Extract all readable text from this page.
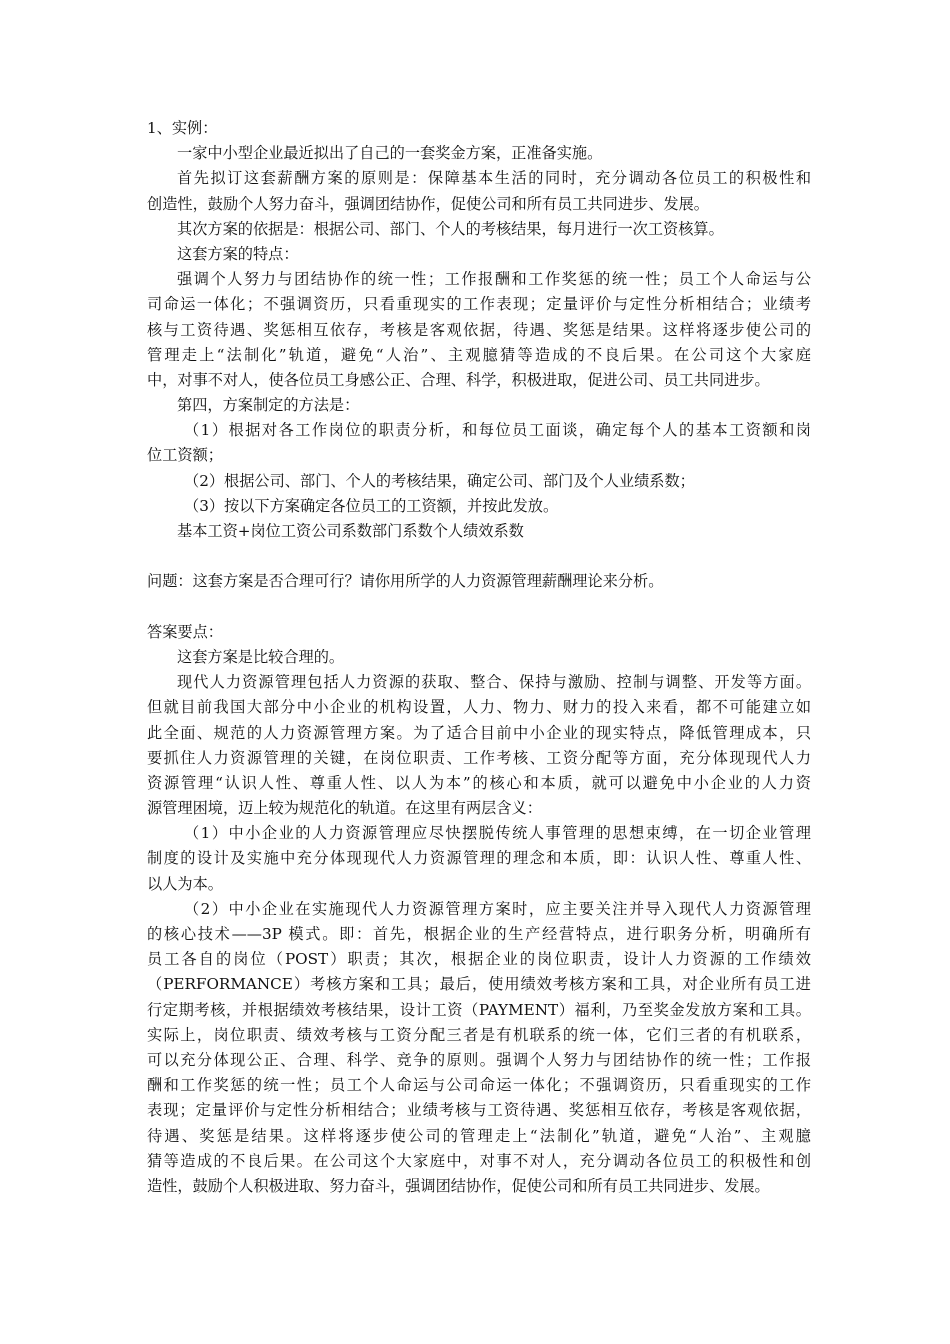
1、实例：
一家中小型企业最近拟出了自己的一套奖金方案，正准备实施。
首先拟订这套薪酬方案的原则是：保障基本生活的同时，充分调动各位员工的积极性和
创造性，鼓励个人努力奋斗，强调团结协作，促使公司和所有员工共同进步、发展。
其次方案的依据是：根据公司、部门、个人的考核结果，每月进行一次工资核算。
这套方案的特点：
强调个人努力与团结协作的统一性；工作报酬和工作奖惩的统一性；员工个人命运与公
司命运一体化；不强调资历，只看重现实的工作表现；定量评价与定性分析相结合；业绩考
核与工资待遇、奖惩相互依存，考核是客观依据，待遇、奖惩是结果。这样将逐步使公司的
管理走上“法制化”轨道，避免“人治”、主观臆猜等造成的不良后果。在公司这个大家庭
中，对事不对人，使各位员工身感公正、合理、科学，积极进取，促进公司、员工共同进步。
第四，方案制定的方法是：
（1）根据对各工作岗位的职责分析，和每位员工面谈，确定每个人的基本工资额和岗
位工资额；
（2）根据公司、部门、个人的考核结果，确定公司、部门及个人业绩系数；
（3）按以下方案确定各位员工的工资额，并按此发放。
基本工资+岗位工资公司系数部门系数个人绩效系数
问题：这套方案是否合理可行？请你用所学的人力资源管理薪酬理论来分析。
答案要点：
这套方案是比较合理的。
现代人力资源管理包括人力资源的获取、整合、保持与激励、控制与调整、开发等方面。
但就目前我国大部分中小企业的机构设置，人力、物力、财力的投入来看，都不可能建立如
此全面、规范的人力资源管理方案。为了适合目前中小企业的现实特点，降低管理成本，只
要抓住人力资源管理的关键，在岗位职责、工作考核、工资分配等方面，充分体现现代人力
资源管理“认识人性、尊重人性、以人为本”的核心和本质，就可以避免中小企业的人力资
源管理困境，迈上较为规范化的轨道。在这里有两层含义：
（1）中小企业的人力资源管理应尽快摆脱传统人事管理的思想束缚，在一切企业管理
制度的设计及实施中充分体现现代人力资源管理的理念和本质，即：认识人性、尊重人性、
以人为本。
（2）中小企业在实施现代人力资源管理方案时，应主要关注并导入现代人力资源管理
的核心技术——3P 模式。即：首先，根据企业的生产经营特点，进行职务分析，明确所有
员工各自的岗位（POST）职责；其次，根据企业的岗位职责，设计人力资源的工作绩效
（PERFORMANCE）考核方案和工具；最后，使用绩效考核方案和工具，对企业所有员工进
行定期考核，并根据绩效考核结果，设计工资（PAYMENT）福利，乃至奖金发放方案和工具。
实际上，岗位职责、绩效考核与工资分配三者是有机联系的统一体，它们三者的有机联系，
可以充分体现公正、合理、科学、竞争的原则。强调个人努力与团结协作的统一性；工作报
酬和工作奖惩的统一性；员工个人命运与公司命运一体化；不强调资历，只看重现实的工作
表现；定量评价与定性分析相结合；业绩考核与工资待遇、奖惩相互依存，考核是客观依据，
待遇、奖惩是结果。这样将逐步使公司的管理走上“法制化”轨道，避免“人治”、主观臆
猜等造成的不良后果。在公司这个大家庭中，对事不对人，充分调动各位员工的积极性和创
造性，鼓励个人积极进取、努力奋斗，强调团结协作，促使公司和所有员工共同进步、发展。
